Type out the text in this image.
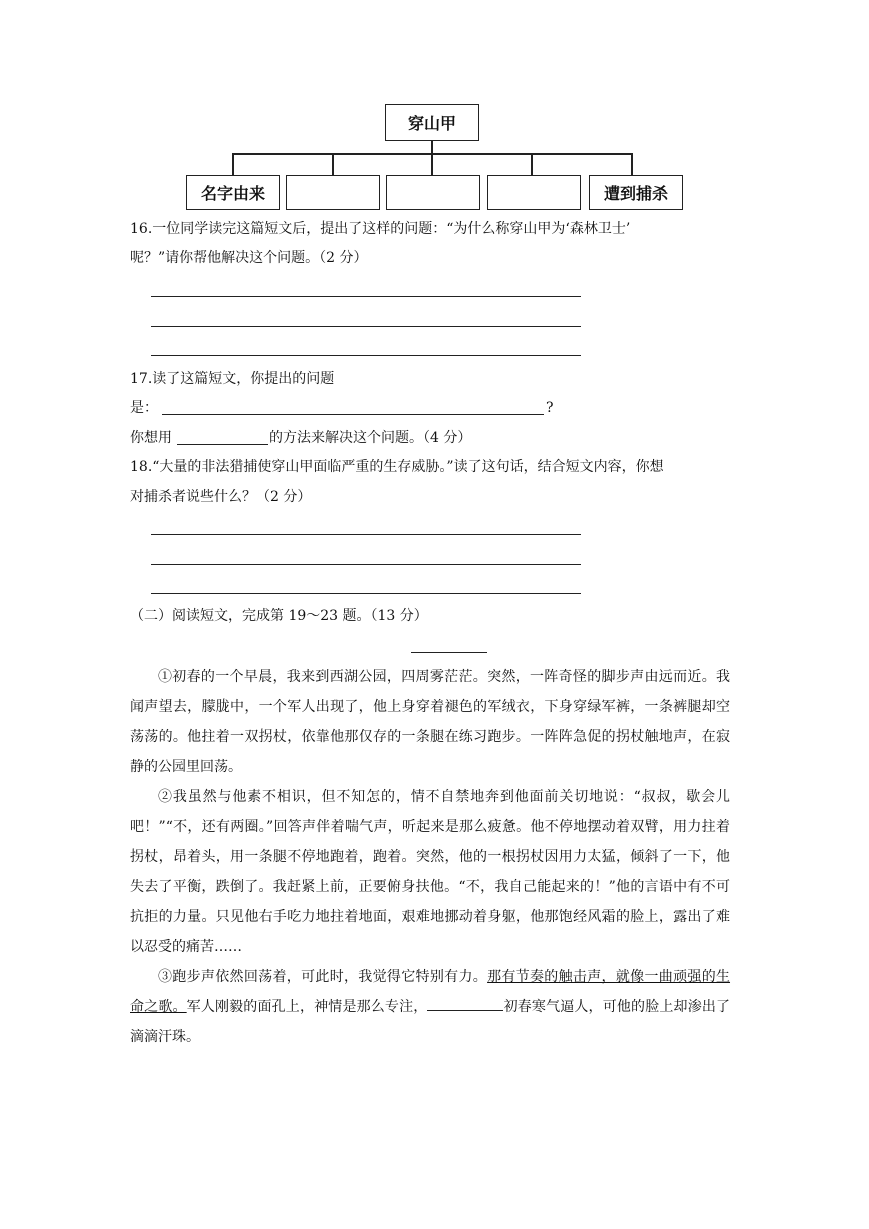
穿山甲
名字由来	遭到捕杀
16.一位同学读完这篇短文后，提出了这样的问题：“为什么称穿山甲为‘森林卫士’
呢？”请你帮他解决这个问题。（2 分）
17.读了这篇短文，你提出的问题
是：	?
你想用	的方法来解决这个问题。（4 分）
18.“大量的非法猎捕使穿山甲面临严重的生存威胁。”读了这句话，结合短文内容，你想
对捕杀者说些什么？（2 分）
（二）阅读短文，完成第 19～23 题。（13 分）
①初春的一个早晨，我来到西湖公园，四周雾茫茫。突然，一阵奇怪的脚步声由远而近。我闻声望去，朦胧中，一个军人出现了，他上身穿着褪色的军绒衣，下身穿绿军裤，一条裤腿却空荡荡的。他拄着一双拐杖，依靠他那仅存的一条腿在练习跑步。一阵阵急促的拐杖触地声，在寂静的公园里回荡。
②我虽然与他素不相识，但不知怎的，情不自禁地奔到他面前关切地说：“叔叔，歇会儿吧！”“不，还有两圈。”回答声伴着喘气声，听起来是那么疲惫。他不停地摆动着双臂，用力拄着拐杖，昂着头，用一条腿不停地跑着，跑着。突然，他的一根拐杖因用力太猛，倾斜了一下，他失去了平衡，跌倒了。我赶紧上前，正要俯身扶他。“不，我自己能起来的！”他的言语中有不可抗拒的力量。只见他右手吃力地拄着地面，艰难地挪动着身躯，他那饱经风霜的脸上，露出了难以忍受的痛苦……
③跑步声依然回荡着，可此时，我觉得它特别有力。那有节奏的触击声，就像一曲顽强的生命之歌。军人刚毅的面孔上，神情是那么专注，	初春寒气逼人，可他的脸上却渗出了滴滴汗珠。
